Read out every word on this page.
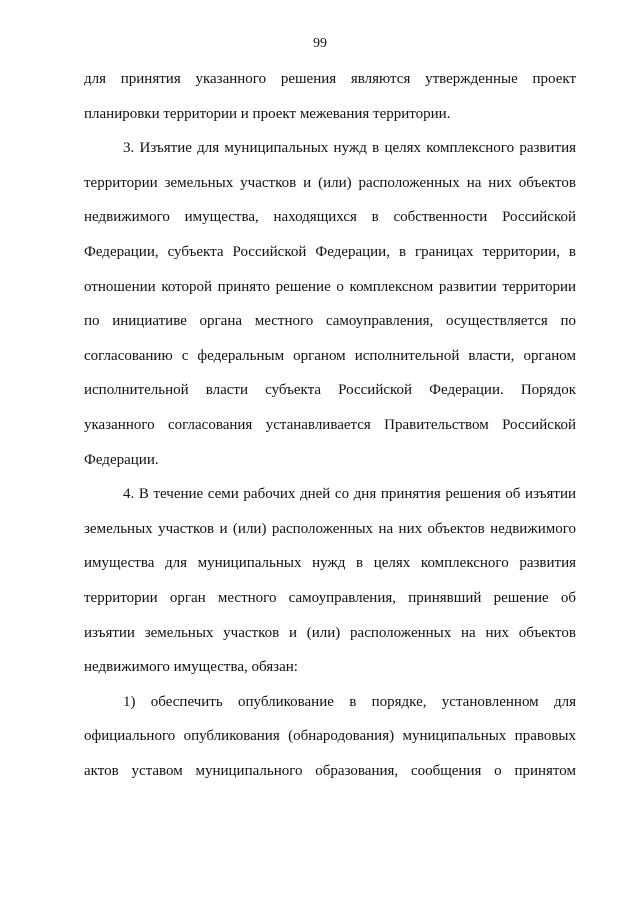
99
для принятия указанного решения являются утвержденные проект
планировки территории и проект межевания территории.
3. Изъятие для муниципальных нужд в целях комплексного развития
территории земельных участков и (или) расположенных на них объектов
недвижимого имущества, находящихся в собственности Российской
Федерации, субъекта Российской Федерации, в границах территории, в
отношении которой принято решение о комплексном развитии территории
по инициативе органа местного самоуправления, осуществляется по
согласованию с федеральным органом исполнительной власти, органом
исполнительной власти субъекта Российской Федерации. Порядок
указанного согласования устанавливается Правительством Российской
Федерации.
4. В течение семи рабочих дней со дня принятия решения об изъятии
земельных участков и (или) расположенных на них объектов недвижимого
имущества для муниципальных нужд в целях комплексного развития
территории орган местного самоуправления, принявший решение об
изъятии земельных участков и (или) расположенных на них объектов
недвижимого имущества, обязан:
1) обеспечить опубликование в порядке, установленном для
официального опубликования (обнародования) муниципальных правовых
актов уставом муниципального образования, сообщения о принятом
